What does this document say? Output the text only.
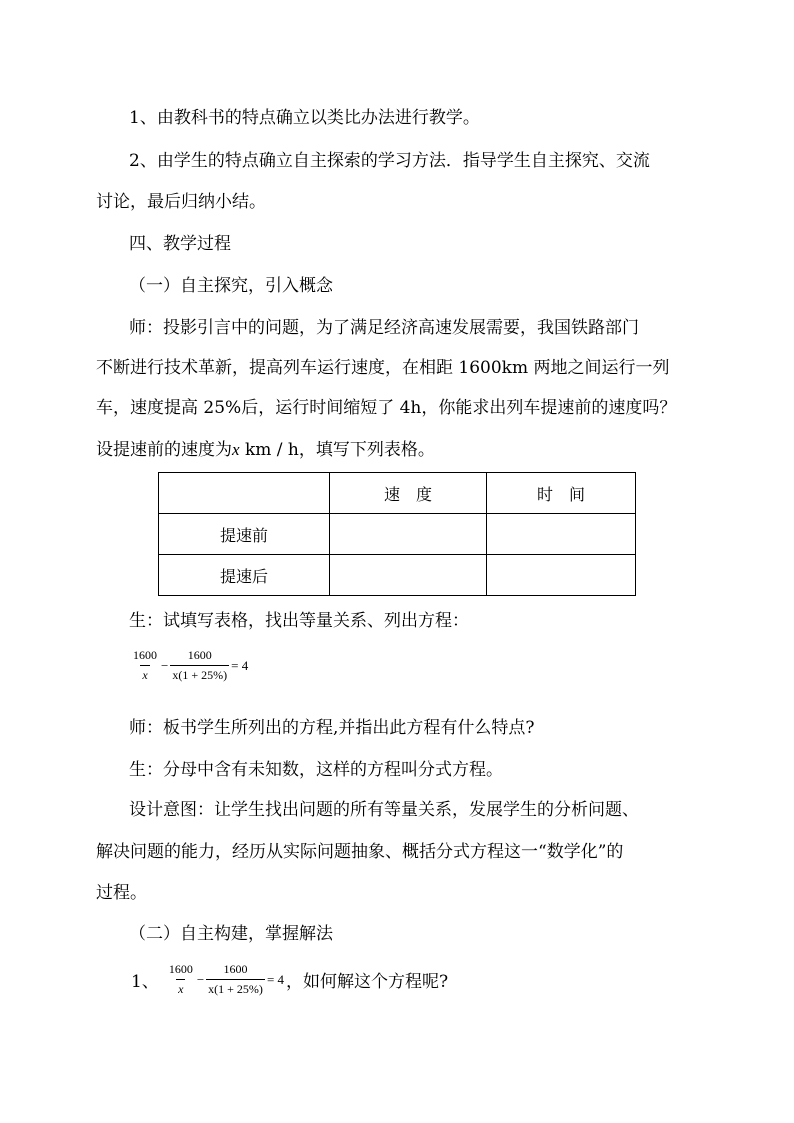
1、由教科书的特点确立以类比办法进行教学。
2、由学生的特点确立自主探索的学习方法．指导学生自主探究、交流
讨论，最后归纳小结。
四、教学过程
（一）自主探究，引入概念
师：投影引言中的问题，为了满足经济高速发展需要，我国铁路部门
不断进行技术革新，提高列车运行速度，在相距 1600km 两地之间运行一列
车，速度提高 25%后，运行时间缩短了 4h，你能求出列车提速前的速度吗？
设提速前的速度为x km / h，填写下列表格。
	速　度	时　间
提速前		
提速后		
生：试填写表格，找出等量关系、列出方程：
$\frac{1600}{x} - \frac{1600}{x(1 + 25\%)} = 4$
师：板书学生所列出的方程,并指出此方程有什么特点?
生：分母中含有未知数，这样的方程叫分式方程。
设计意图：让学生找出问题的所有等量关系，发展学生的分析问题、
解决问题的能力，经历从实际问题抽象、概括分式方程这一“数学化”的
过程。
（二）自主构建，掌握解法
1、 $\frac{1600}{x} - \frac{1600}{x(1 + 25\%)} = 4$ ，如何解这个方程呢?
